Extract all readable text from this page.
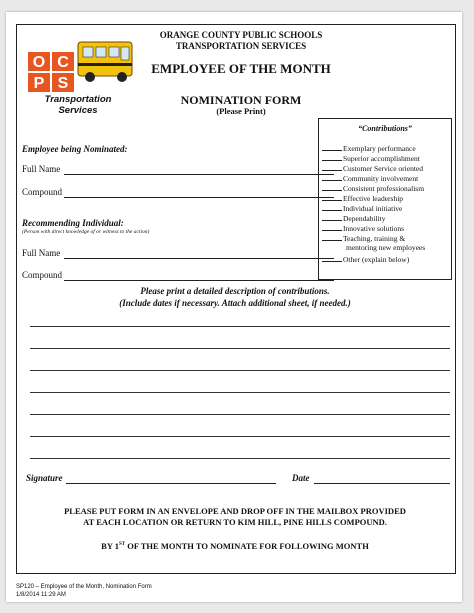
O C
P S
Transportation
Services
ORANGE COUNTY PUBLIC SCHOOLS
TRANSPORTATION SERVICES
EMPLOYEE OF THE MONTH
NOMINATION FORM
(Please Print)
Employee being Nominated:
Full Name
Compound
Recommending Individual:
(Person with direct knowledge of or witness to the action)
Full Name
Compound
“Contributions”
Exemplary performance
Superior accomplishment
Customer Service oriented
Community involvement
Consistent professionalism
Effective leadership
Individual initiative
Dependability
Innovative solutions
Teaching, training &
mentoring new employees
Other (explain below)
Please print a detailed description of contributions.
(Include dates if necessary. Attach additional sheet, if needed.)
Signature	Date
PLEASE PUT FORM IN AN ENVELOPE AND DROP OFF IN THE MAILBOX PROVIDED
AT EACH LOCATION OR RETURN TO KIM HILL, PINE HILLS COMPOUND.
BY 1ST OF THE MONTH TO NOMINATE FOR FOLLOWING MONTH
SP120 – Employee of the Month, Nomination Form
1/8/2014 11:29 AM
